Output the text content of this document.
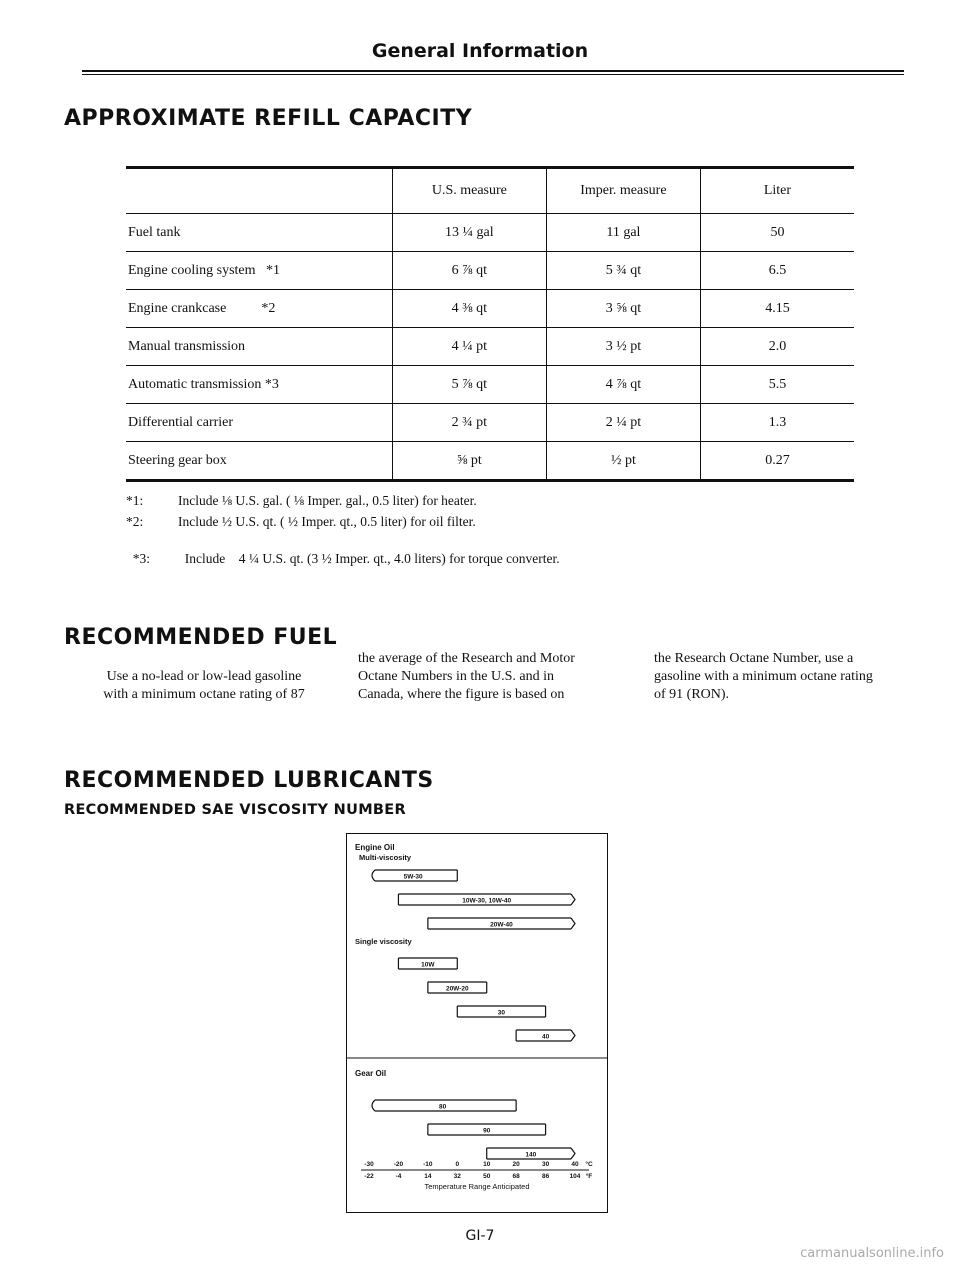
General Information
APPROXIMATE REFILL CAPACITY
	U.S. measure	Imper. measure	Liter
Fuel tank	13 ¼ gal	11 gal	50
Engine cooling system   *1	6 ⅞ qt	5 ¾ qt	6.5
Engine crankcase          *2	4 ⅜ qt	3 ⅝ qt	4.15
Manual transmission	4 ¼ pt	3 ½ pt	2.0
Automatic transmission *3	5 ⅞ qt	4 ⅞ qt	5.5
Differential carrier	2 ¾ pt	2 ¼ pt	1.3
Steering gear box	⅝ pt	½ pt	0.27
*1:	Include ⅛ U.S. gal. ( ⅛ Imper. gal., 0.5 liter) for heater.
*2:	Include ½ U.S. qt. ( ½ Imper. qt., 0.5 liter) for oil filter.

*3:	Include    4 ¼ U.S. qt. (3 ½ Imper. qt., 4.0 liters) for torque converter.

RECOMMENDED FUEL
Use a no-lead or low-lead gasoline
with a minimum octane rating of 87
the average of the Research and Motor
Octane Numbers in the U.S. and in
Canada, where the figure is based on
the Research Octane Number, use a
gasoline with a minimum octane rating
of 91 (RON).
RECOMMENDED LUBRICANTS
RECOMMENDED SAE VISCOSITY NUMBER
Engine Oil
Multi-viscosity
Single viscosity
Gear Oil
5W-30
10W-30, 10W-40
20W-40
10W
20W-20
30
40
80
90
140
-30
-22
-20
-4
-10
14
0
32
10
50
20
68
30
86
40
104
°C
°F
Temperature Range Anticipated
GI-7
carmanualsonline.info
